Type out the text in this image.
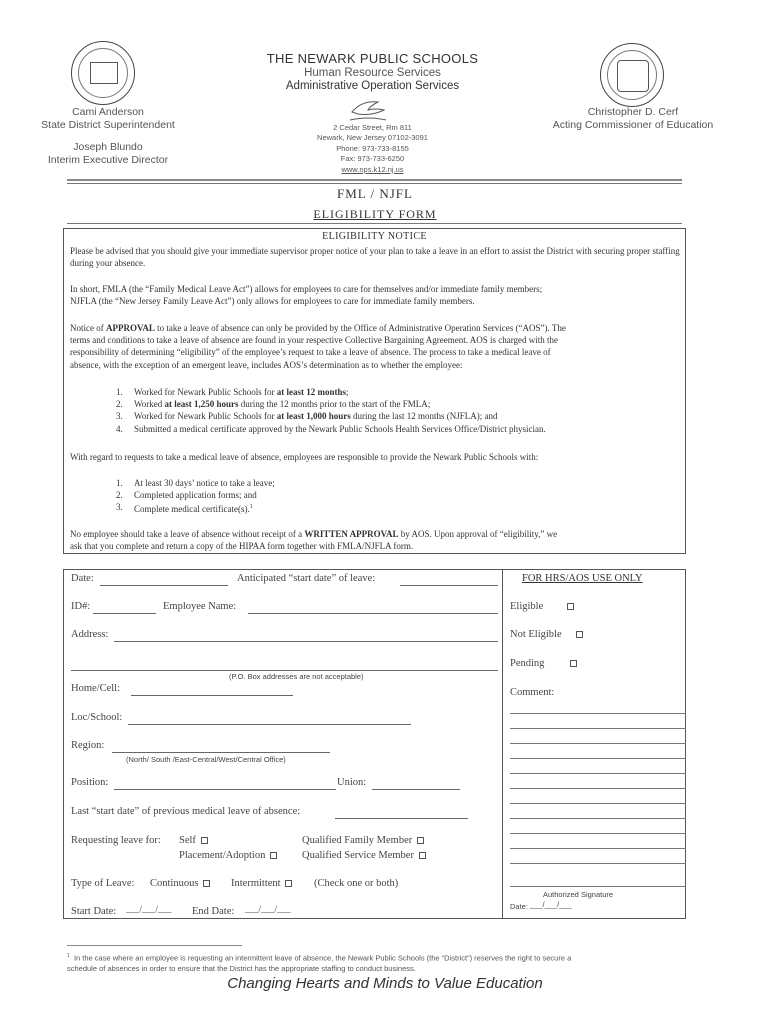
THE NEWARK PUBLIC SCHOOLS
Human Resource Services
Administrative Operation Services
2 Cedar Street, Rm 811
Newark, New Jersey 07102-3091
Phone: 973-733-8155
Fax: 973-733-6250
www.nps.k12.nj.us
Cami Anderson
State District Superintendent
Joseph Blundo
Interim Executive Director
Christopher D. Cerf
Acting Commissioner of Education
FML / NJFL
ELIGIBILITY FORM
ELIGIBILITY NOTICE

Please be advised that you should give your immediate supervisor proper notice of your plan to take a leave in an effort to assist the District with securing proper staffing during your absence.

In short, FMLA (the “Family Medical Leave Act”) allows for employees to care for themselves and/or immediate family members;

NJFLA (the “New Jersey Family Leave Act”) only allows for employees to care for immediate family members.

Notice of APPROVAL to take a leave of absence can only be provided by the Office of Administrative Operation Services (“AOS”). The

terms and conditions to take a leave of absence are found in your respective Collective Bargaining Agreement. AOS is charged with the

responsibility of determining “eligibility” of the employee’s request to take a leave of absence. The process to take a medical leave of

absence, with the exception of an emergent leave, includes AOS’s determination as to whether the employee:

1. Worked for Newark Public Schools for at least 12 months;
2. Worked at least 1,250 hours during the 12 months prior to the start of the FMLA;
3. Worked for Newark Public Schools for at least 1,000 hours during the last 12 months (NJFLA); and
4. Submitted a medical certificate approved by the Newark Public Schools Health Services Office/District physician.

With regard to requests to take a medical leave of absence, employees are responsible to provide the Newark Public Schools with:

1. At least 30 days’ notice to take a leave;
2. Completed application forms; and
3. Complete medical certificate(s).$^1$

No employee should take a leave of absence without receipt of a WRITTEN APPROVAL by AOS. Upon approval of “eligibility,” we

ask that you complete and return a copy of the HIPAA form together with FMLA/NJFLA form.

Date:	Anticipated “start date” of leave:
ID#:	Employee Name:
Address:
(P.O. Box addresses are not acceptable)
Home/Cell:
Loc/School:
Region:
(North/ South /East-Central/West/Central Office)
Position:	Union:
Last “start date” of previous medical leave of absence:
Requesting leave for: Self	Qualified Family Member
Placement/Adoption	Qualified Service Member
Type of Leave: Continuous	Intermittent	(Check one or both)
Start Date: ___/___/___ End Date: ___/___/___
FOR HRS/AOS USE ONLY
Eligible
Not Eligible
Pending
Comment:
Authorized Signature
Date: ___/___/___
$^1$ In the case where an employee is requesting an intermittent leave of absence, the Newark Public Schools (the “District”) reserves the right to secure a
schedule of absences in order to ensure that the District has the appropriate staffing to conduct business.
Changing Hearts and Minds to Value Education
